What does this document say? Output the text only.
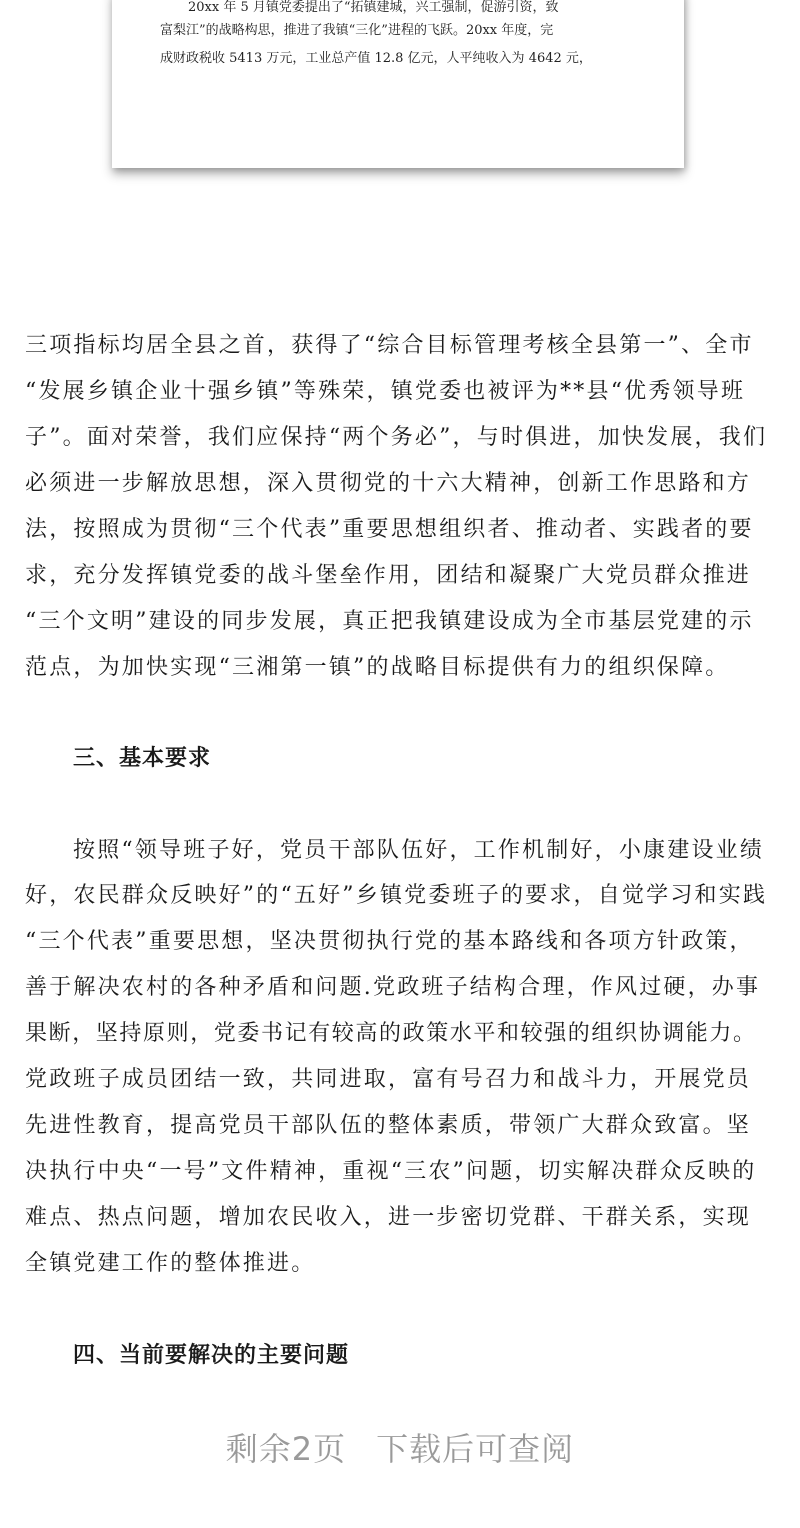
20xx 年 5 月镇党委提出了“拓镇建城，兴工强制，促游引资，致
富梨江”的战略构思，推进了我镇“三化”进程的飞跃。20xx 年度，完
成财政税收 5413 万元，工业总产值 12.8 亿元，人平纯收入为 4642 元，
三项指标均居全县之首，获得了“综合目标管理考核全县第一”、全市
“发展乡镇企业十强乡镇”等殊荣，镇党委也被评为**县“优秀领导班
子”。面对荣誉，我们应保持“两个务必”，与时俱进，加快发展，我们
必须进一步解放思想，深入贯彻党的十六大精神，创新工作思路和方
法，按照成为贯彻“三个代表”重要思想组织者、推动者、实践者的要
求，充分发挥镇党委的战斗堡垒作用，团结和凝聚广大党员群众推进
“三个文明”建设的同步发展，真正把我镇建设成为全市基层党建的示
范点，为加快实现“三湘第一镇”的战略目标提供有力的组织保障。
三、基本要求
按照“领导班子好，党员干部队伍好，工作机制好，小康建设业绩
好，农民群众反映好”的“五好”乡镇党委班子的要求，自觉学习和实践
“三个代表”重要思想，坚决贯彻执行党的基本路线和各项方针政策，
善于解决农村的各种矛盾和问题.党政班子结构合理，作风过硬，办事
果断，坚持原则，党委书记有较高的政策水平和较强的组织协调能力。
党政班子成员团结一致，共同进取，富有号召力和战斗力，开展党员
先进性教育，提高党员干部队伍的整体素质，带领广大群众致富。坚
决执行中央“一号”文件精神，重视“三农”问题，切实解决群众反映的
难点、热点问题，增加农民收入，进一步密切党群、干群关系，实现
全镇党建工作的整体推进。
四、当前要解决的主要问题
剩余2页 下载后可查阅
